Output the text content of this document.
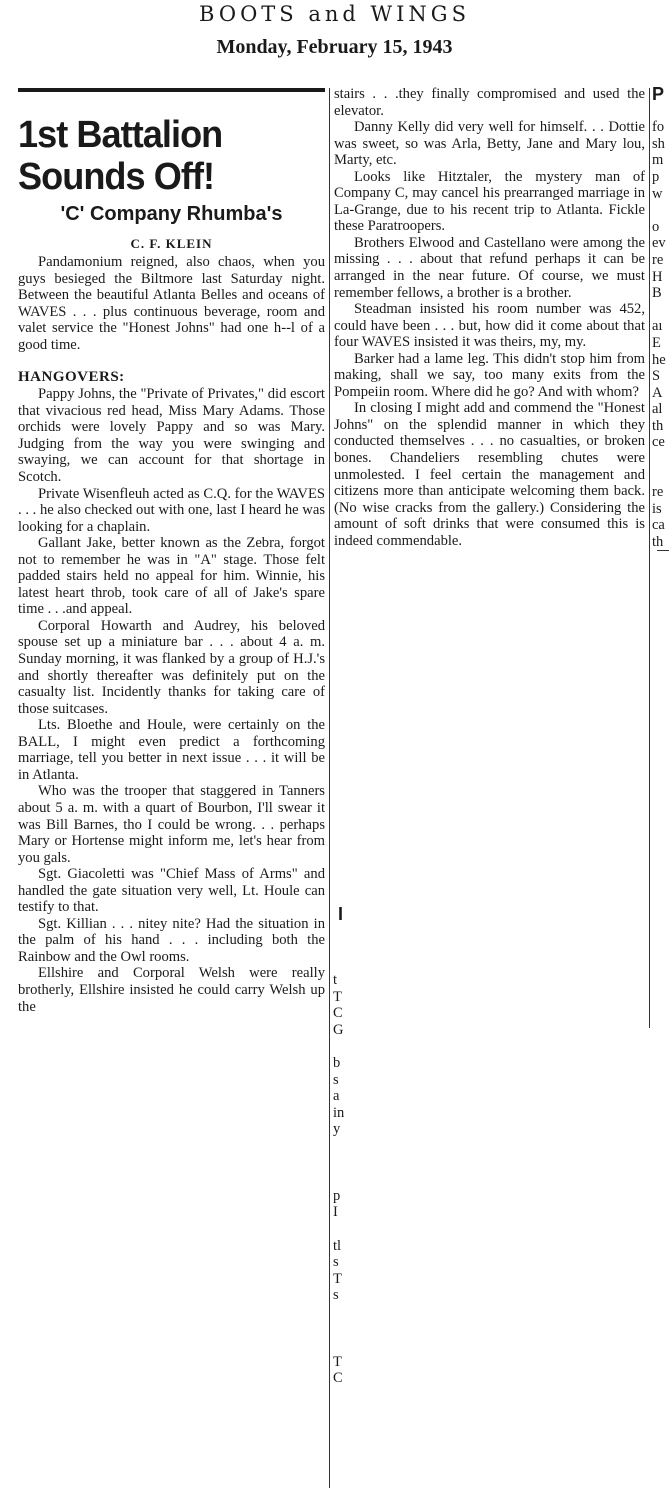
BOOTS and WINGS
Monday, February 15, 1943
1st Battalion
Sounds Off!
'C' Company Rhumba's
C. F. KLEIN

Pandamonium reigned, also chaos, when you guys besieged the Biltmore last Saturday night. Between the beautiful Atlanta Belles and oceans of WAVES . . . plus continuous beverage, room and valet service the "Honest Johns" had one h--l of a good time.

HANGOVERS:

Pappy Johns, the "Private of Privates," did escort that vivacious red head, Miss Mary Adams. Those orchids were lovely Pappy and so was Mary. Judging from the way you were swinging and swaying, we can account for that shortage in Scotch.

Private Wisenfleuh acted as C.Q. for the WAVES . . . he also checked out with one, last I heard he was looking for a chaplain.

Gallant Jake, better known as the Zebra, forgot not to remember he was in "A" stage. Those felt padded stairs held no appeal for him. Winnie, his latest heart throb, took care of all of Jake's spare time . . .and appeal.

Corporal Howarth and Audrey, his beloved spouse set up a miniature bar . . . about 4 a. m. Sunday morning, it was flanked by a group of H.J.'s and shortly thereafter was definitely put on the casualty list. Incidently thanks for taking care of those suitcases.

Lts. Bloethe and Houle, were certainly on the BALL, I might even predict a forthcoming marriage, tell you better in next issue . . . it will be in Atlanta.

Who was the trooper that staggered in Tanners about 5 a. m. with a quart of Bourbon, I'll swear it was Bill Barnes, tho I could be wrong. . . perhaps Mary or Hortense might inform me, let's hear from you gals.

Sgt. Giacoletti was "Chief Mass of Arms" and handled the gate situation very well, Lt. Houle can testify to that.

Sgt. Killian . . . nitey nite? Had the situation in the palm of his hand . . . including both the Rainbow and the Owl rooms.

Ellshire and Corporal Welsh were really brotherly, Ellshire insisted he could carry Welsh up the

stairs . . .they finally compromised and used the elevator.

Danny Kelly did very well for himself. . . Dottie was sweet, so was Arla, Betty, Jane and Mary lou, Marty, etc.

Looks like Hitztaler, the mystery man of Company C, may cancel his prearranged marriage in La-Grange, due to his recent trip to Atlanta. Fickle these Paratroopers.

Brothers Elwood and Castellano were among the missing . . . about that refund perhaps it can be arranged in the near future. Of course, we must remember fellows, a brother is a brother.

Steadman insisted his room number was 452, could have been . . . but, how did it come about that four WAVES insisted it was theirs, my, my.

Barker had a lame leg. This didn't stop him from making, shall we say, too many exits from the Pompeiin room. Where did he go? And with whom?

In closing I might add and commend the "Honest Johns" on the splendid manner in which they conducted themselves . . . no casualties, or broken bones. Chandeliers resembling chutes were unmolested. I feel certain the management and citizens more than anticipate welcoming them back. (No wise cracks from the gallery.) Considering the amount of soft drinks that were consumed this is indeed commendable.

I
t
T
C
G
b
s
a
in
y
p
I
tl
s
T
s
T
C
P
fo
sh
m
p
w
o
ev
re
H
B
aı
E
he
S
A
al
th
ce
re
is
ca
th
